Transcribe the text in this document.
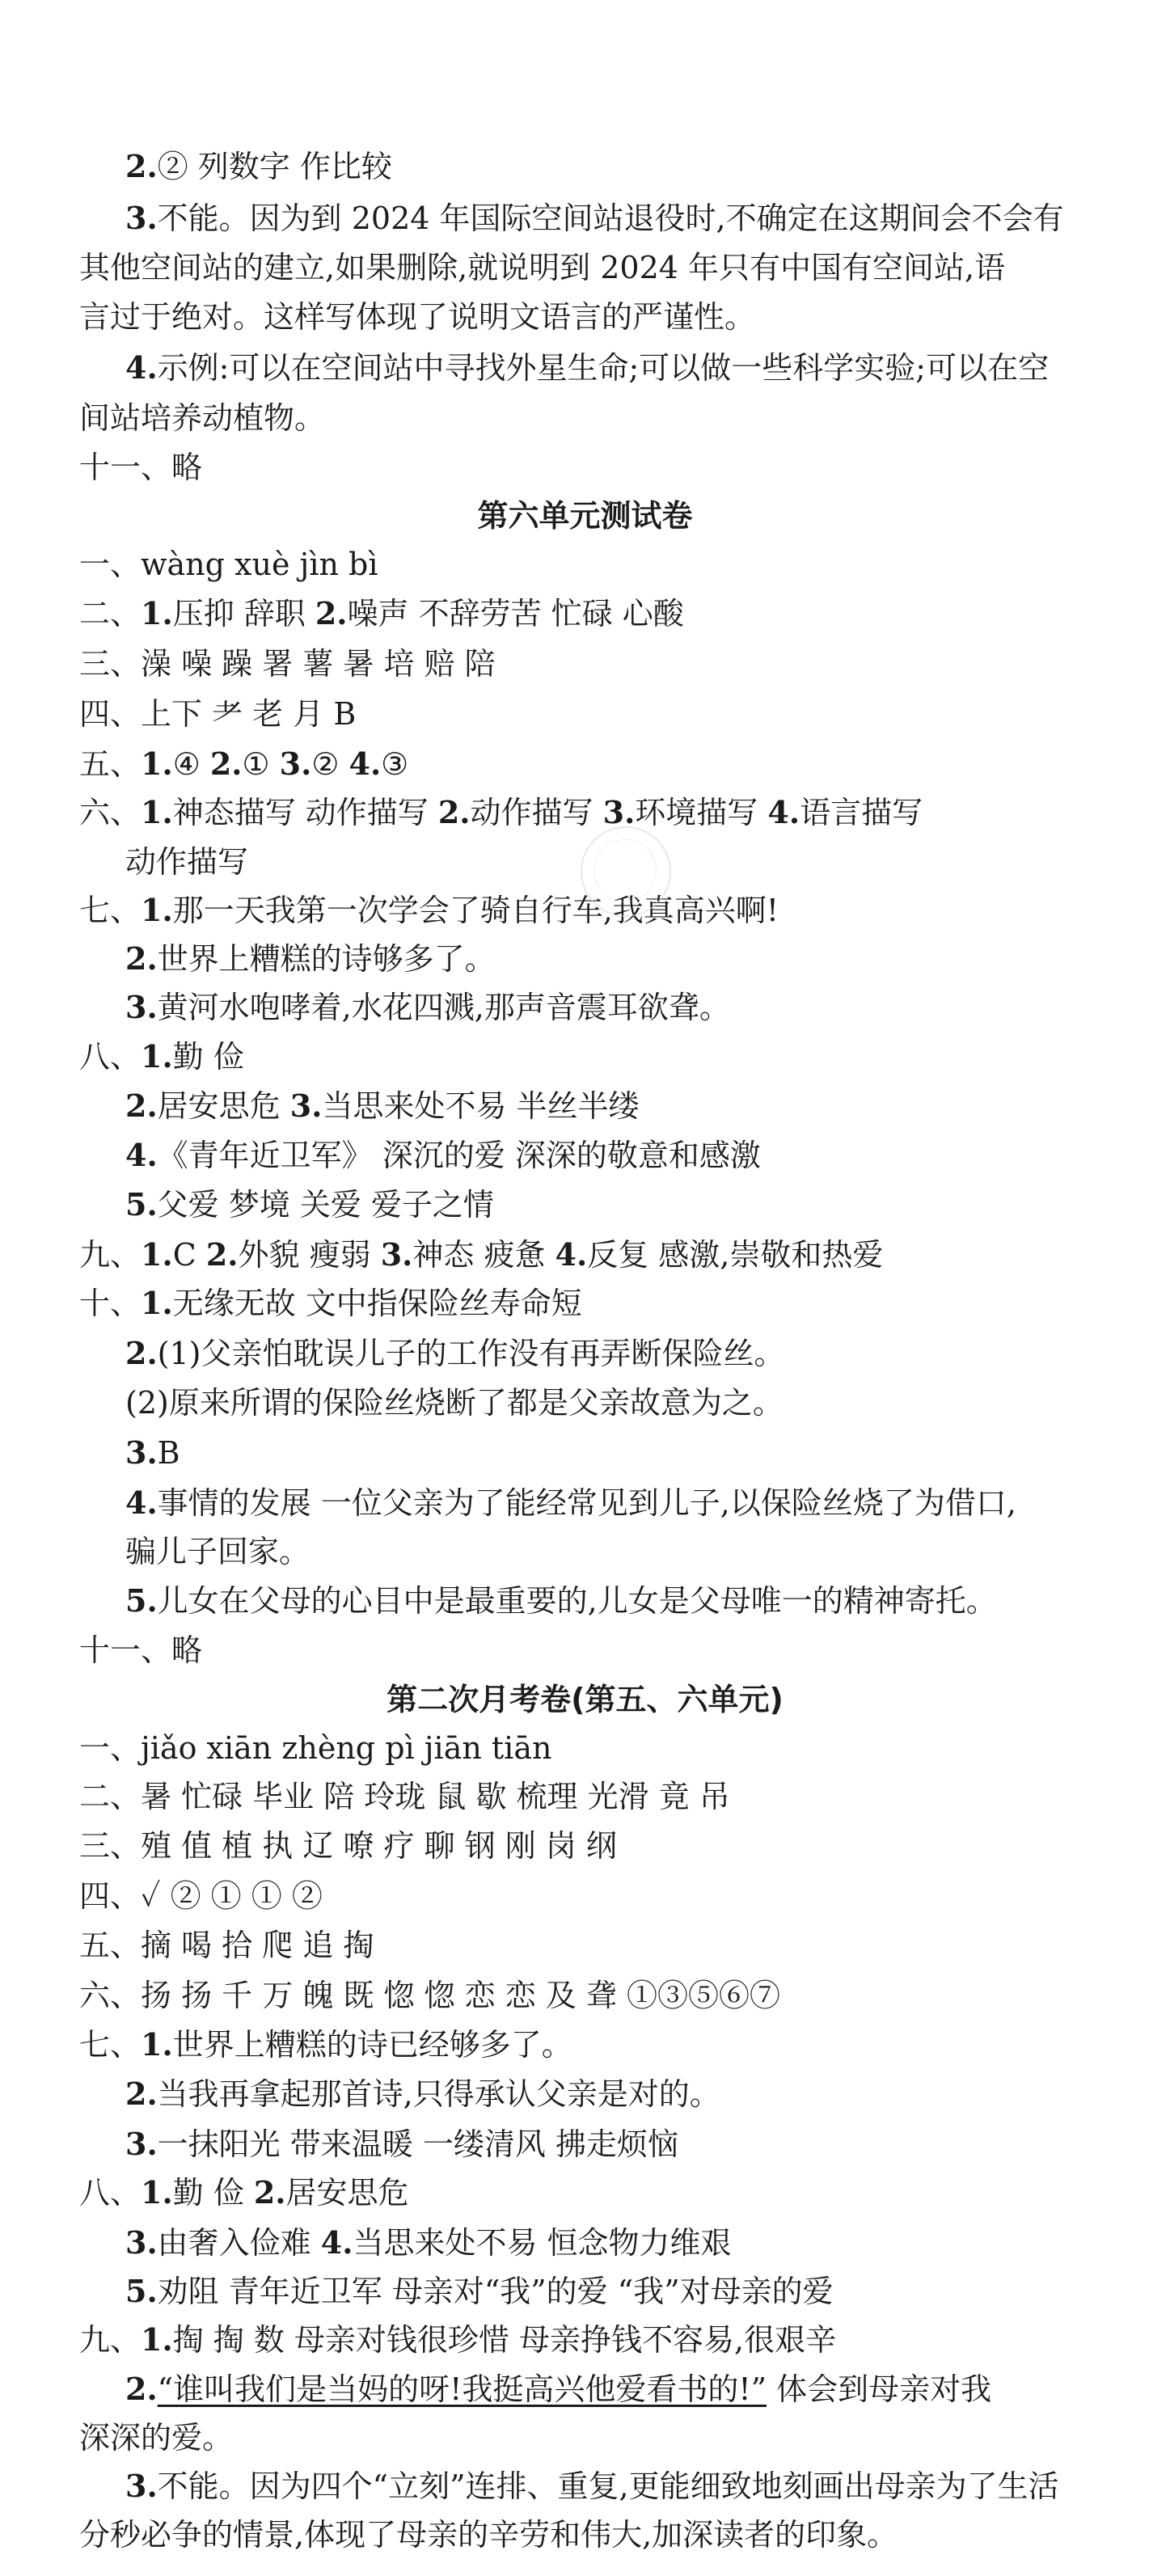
2.② 列数字 作比较
3.不能。因为到 2024 年国际空间站退役时,不确定在这期间会不会有
其他空间站的建立,如果删除,就说明到 2024 年只有中国有空间站,语
言过于绝对。这样写体现了说明文语言的严谨性。
4.示例:可以在空间站中寻找外星生命;可以做一些科学实验;可以在空
间站培养动植物。
十一、略
第六单元测试卷
一、wàng xuè jìn bì
二、1.压抑 辞职 2.噪声 不辞劳苦 忙碌 心酸
三、澡 噪 躁 署 薯 暑 培 赔 陪
四、上下 耂 老 月 B
五、1.④ 2.① 3.② 4.③
六、1.神态描写 动作描写 2.动作描写 3.环境描写 4.语言描写
动作描写
七、1.那一天我第一次学会了骑自行车,我真高兴啊!
2.世界上糟糕的诗够多了。
3.黄河水咆哮着,水花四溅,那声音震耳欲聋。
八、1.勤 俭
2.居安思危 3.当思来处不易 半丝半缕
4.《青年近卫军》 深沉的爱 深深的敬意和感激
5.父爱 梦境 关爱 爱子之情
九、1.C 2.外貌 瘦弱 3.神态 疲惫 4.反复 感激,崇敬和热爱
十、1.无缘无故 文中指保险丝寿命短
2.(1)父亲怕耽误儿子的工作没有再弄断保险丝。
(2)原来所谓的保险丝烧断了都是父亲故意为之。
3.B
4.事情的发展 一位父亲为了能经常见到儿子,以保险丝烧了为借口,
骗儿子回家。
5.儿女在父母的心目中是最重要的,儿女是父母唯一的精神寄托。
十一、略
第二次月考卷(第五、六单元)
一、jiǎo xiān zhèng pì jiān tiān
二、暑 忙碌 毕业 陪 玲珑 鼠 歇 梳理 光滑 竟 吊
三、殖 值 植 执 辽 嘹 疗 聊 钢 刚 岗 纲
四、✓ ② ① ① ②
五、摘 喝 拾 爬 追 掏
六、扬 扬 千 万 魄 既 惚 惚 恋 恋 及 聋 ①③⑤⑥⑦
七、1.世界上糟糕的诗已经够多了。
2.当我再拿起那首诗,只得承认父亲是对的。
3.一抹阳光 带来温暖 一缕清风 拂走烦恼
八、1.勤 俭 2.居安思危
3.由奢入俭难 4.当思来处不易 恒念物力维艰
5.劝阻 青年近卫军 母亲对“我”的爱 “我”对母亲的爱
九、1.掏 掏 数 母亲对钱很珍惜 母亲挣钱不容易,很艰辛
2.“谁叫我们是当妈的呀!我挺高兴他爱看书的!” 体会到母亲对我
深深的爱。
3.不能。因为四个“立刻”连排、重复,更能细致地刻画出母亲为了生活
分秒必争的情景,体现了母亲的辛劳和伟大,加深读者的印象。
先锋大考卷 语文 五年级上册 第113页
